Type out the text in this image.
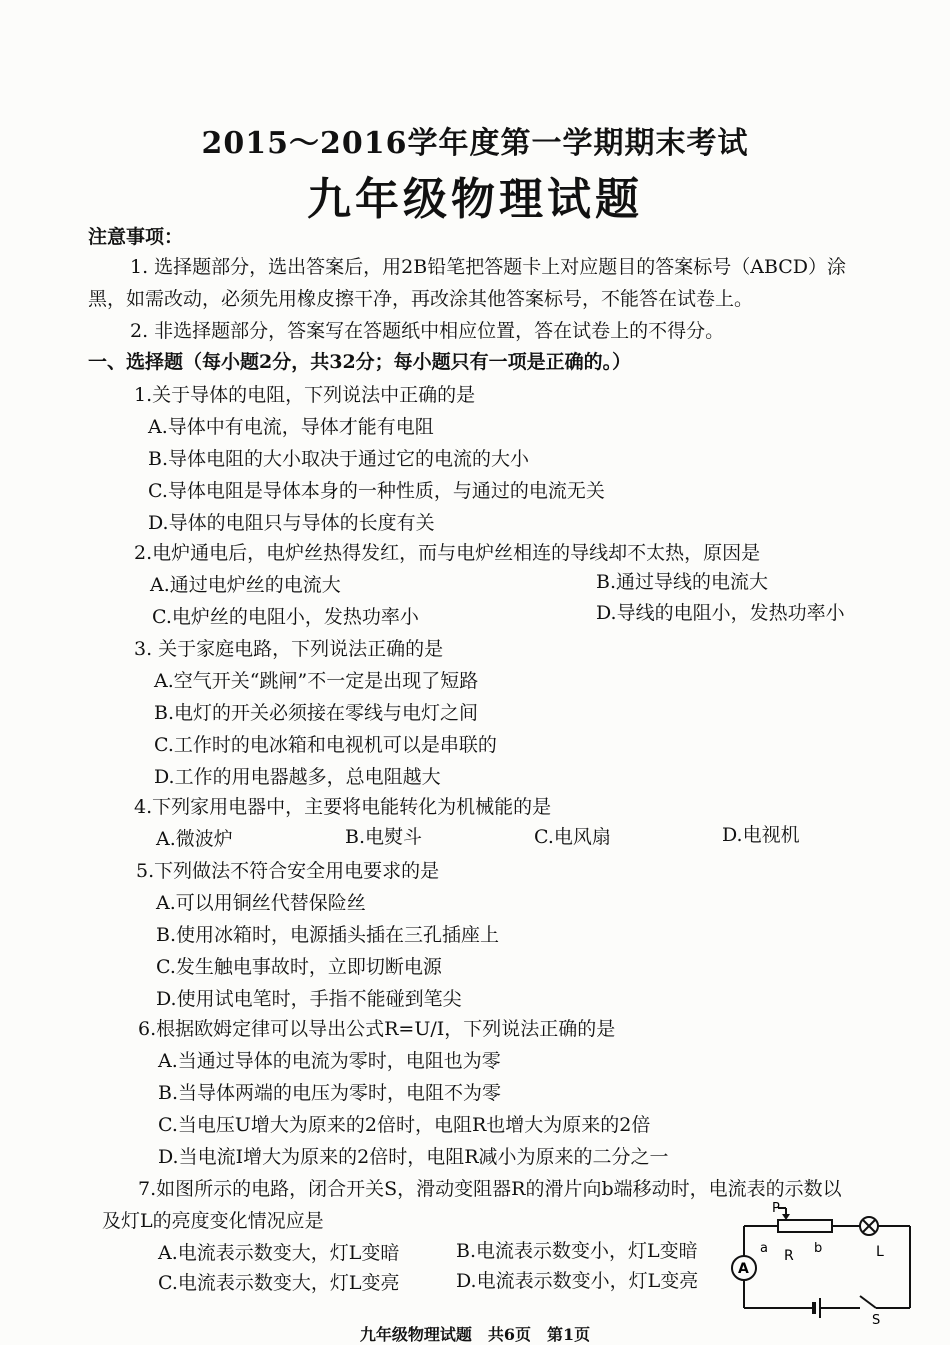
2015～2016学年度第一学期期末考试
九年级物理试题
注意事项：
1. 选择题部分，选出答案后，用2B铅笔把答题卡上对应题目的答案标号（ABCD）涂
黑，如需改动，必须先用橡皮擦干净，再改涂其他答案标号，不能答在试卷上。
2. 非选择题部分，答案写在答题纸中相应位置，答在试卷上的不得分。
一、选择题（每小题2分，共32分；每小题只有一项是正确的。）
1.关于导体的电阻，下列说法中正确的是
A.导体中有电流，导体才能有电阻
B.导体电阻的大小取决于通过它的电流的大小
C.导体电阻是导体本身的一种性质，与通过的电流无关
D.导体的电阻只与导体的长度有关
2.电炉通电后，电炉丝热得发红，而与电炉丝相连的导线却不太热，原因是
A.通过电炉丝的电流大	B.通过导线的电流大
C.电炉丝的电阻小，发热功率小	D.导线的电阻小，发热功率小
3. 关于家庭电路，下列说法正确的是
A.空气开关“跳闸”不一定是出现了短路
B.电灯的开关必须接在零线与电灯之间
C.工作时的电冰箱和电视机可以是串联的
D.工作的用电器越多，总电阻越大
4.下列家用电器中，主要将电能转化为机械能的是
A.微波炉	B.电熨斗	C.电风扇	D.电视机
5.下列做法不符合安全用电要求的是
A.可以用铜丝代替保险丝
B.使用冰箱时，电源插头插在三孔插座上
C.发生触电事故时，立即切断电源
D.使用试电笔时，手指不能碰到笔尖
6.根据欧姆定律可以导出公式R=U/I，下列说法正确的是
A.当通过导体的电流为零时，电阻也为零
B.当导体两端的电压为零时，电阻不为零
C.当电压U增大为原来的2倍时，电阻R也增大为原来的2倍
D.当电流I增大为原来的2倍时，电阻R减小为原来的二分之一
7.如图所示的电路，闭合开关S，滑动变阻器R的滑片向b端移动时，电流表的示数以
及灯L的亮度变化情况应是
A.电流表示数变大，灯L变暗	B.电流表示数变小，灯L变暗
C.电流表示数变大，灯L变亮	D.电流表示数变小，灯L变亮
P
a R b	L
A
S
九年级物理试题　共6页　第1页
